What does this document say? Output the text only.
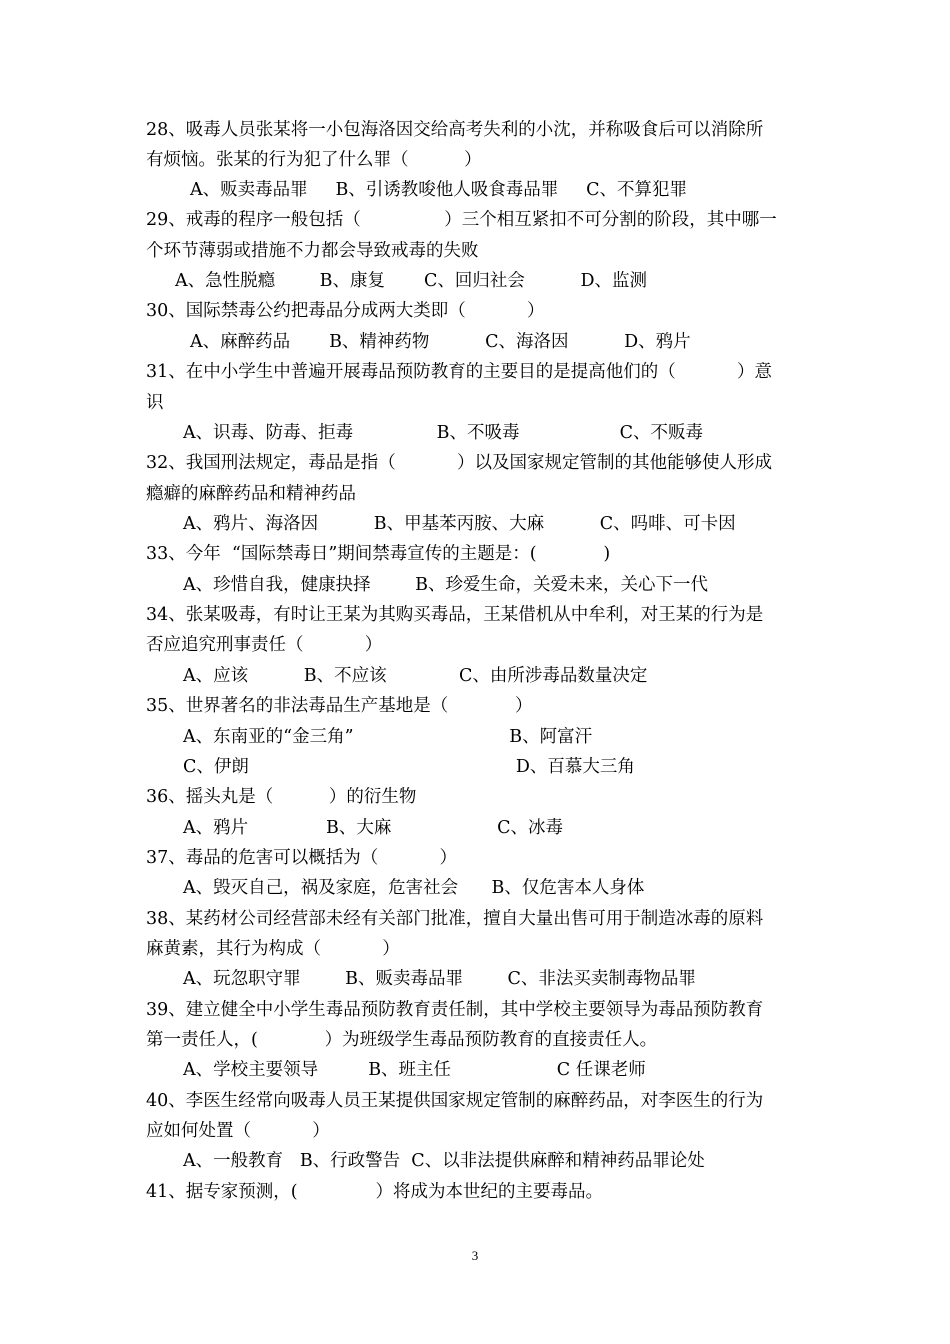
28、吸毒人员张某将一小包海洛因交给高考失利的小沈，并称吸食后可以消除所
有烦恼。张某的行为犯了什么罪（          ）
A、贩卖毒品罪     B、引诱教唆他人吸食毒品罪     C、不算犯罪
29、戒毒的程序一般包括（               ）三个相互紧扣不可分割的阶段，其中哪一
个环节薄弱或措施不力都会导致戒毒的失败
A、急性脱瘾        B、康复       C、回归社会          D、监测
30、国际禁毒公约把毒品分成两大类即（           ）
A、麻醉药品       B、精神药物          C、海洛因          D、鸦片
31、在中小学生中普遍开展毒品预防教育的主要目的是提高他们的（           ）意
识
A、识毒、防毒、拒毒               B、不吸毒                  C、不贩毒
32、我国刑法规定，毒品是指（           ）以及国家规定管制的其他能够使人形成
瘾癖的麻醉药品和精神药品
A、鸦片、海洛因          B、甲基苯丙胺、大麻          C、吗啡、可卡因
33、今年  “国际禁毒日”期间禁毒宣传的主题是：(            )
A、珍惜自我，健康抉择        B、珍爱生命，关爱未来，关心下一代
34、张某吸毒，有时让王某为其购买毒品，王某借机从中牟利，对王某的行为是
否应追究刑事责任（           ）
A、应该          B、不应该             C、由所涉毒品数量决定
35、世界著名的非法毒品生产基地是（            ）
A、东南亚的“金三角”                            B、阿富汗
C、伊朗                                                D、百慕大三角
36、摇头丸是（          ）的衍生物
A、鸦片              B、大麻                   C、冰毒
37、毒品的危害可以概括为（           ）
A、毁灭自己，祸及家庭，危害社会      B、仅危害本人身体
38、某药材公司经营部未经有关部门批准，擅自大量出售可用于制造冰毒的原料
麻黄素，其行为构成（           ）
A、玩忽职守罪        B、贩卖毒品罪        C、非法买卖制毒物品罪
39、建立健全中小学生毒品预防教育责任制，其中学校主要领导为毒品预防教育
第一责任人，(            ）为班级学生毒品预防教育的直接责任人。
A、学校主要领导         B、班主任                   C 任课老师
40、李医生经常向吸毒人员王某提供国家规定管制的麻醉药品，对李医生的行为
应如何处置（           ）
A、一般教育   B、行政警告  C、以非法提供麻醉和精神药品罪论处
41、据专家预测，(              ）将成为本世纪的主要毒品。
3
